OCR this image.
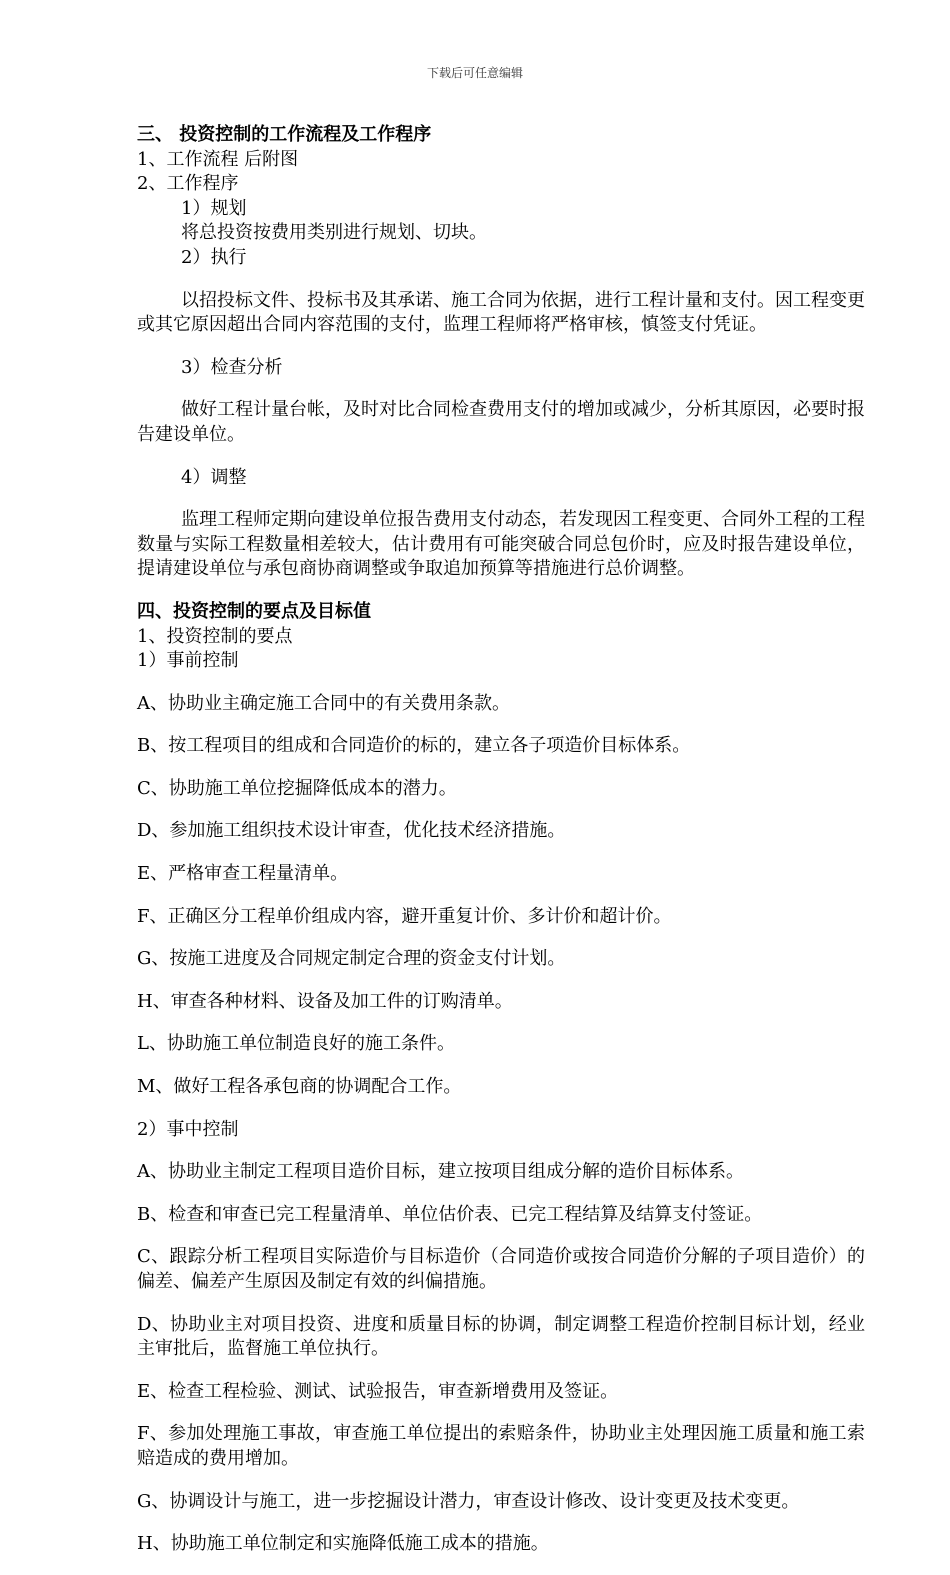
下载后可任意编辑

三、 投资控制的工作流程及工作程序

1、工作流程 后附图

2、工作程序

1）规划

将总投资按费用类别进行规划、切块。

2）执行

以招投标文件、投标书及其承诺、施工合同为依据，进行工程计量和支付。因工程变更或其它原因超出合同内容范围的支付，监理工程师将严格审核，慎签支付凭证。

3）检查分析

做好工程计量台帐，及时对比合同检查费用支付的增加或减少，分析其原因，必要时报告建设单位。

4）调整

监理工程师定期向建设单位报告费用支付动态，若发现因工程变更、合同外工程的工程数量与实际工程数量相差较大，估计费用有可能突破合同总包价时，应及时报告建设单位，提请建设单位与承包商协商调整或争取追加预算等措施进行总价调整。

四、投资控制的要点及目标值

1、投资控制的要点

1）事前控制

A、协助业主确定施工合同中的有关费用条款。

B、按工程项目的组成和合同造价的标的，建立各子项造价目标体系。

C、协助施工单位挖掘降低成本的潜力。

D、参加施工组织技术设计审查，优化技术经济措施。

E、严格审查工程量清单。

F、正确区分工程单价组成内容，避开重复计价、多计价和超计价。

G、按施工进度及合同规定制定合理的资金支付计划。

H、审查各种材料、设备及加工件的订购清单。

L、协助施工单位制造良好的施工条件。

M、做好工程各承包商的协调配合工作。

2）事中控制

A、协助业主制定工程项目造价目标，建立按项目组成分解的造价目标体系。

B、检查和审查已完工程量清单、单位估价表、已完工程结算及结算支付签证。

C、跟踪分析工程项目实际造价与目标造价（合同造价或按合同造价分解的子项目造价）的偏差、偏差产生原因及制定有效的纠偏措施。

D、协助业主对项目投资、进度和质量目标的协调，制定调整工程造价控制目标计划，经业主审批后，监督施工单位执行。

E、检查工程检验、测试、试验报告，审查新增费用及签证。

F、参加处理施工事故，审查施工单位提出的索赔条件，协助业主处理因施工质量和施工索赔造成的费用增加。

G、协调设计与施工，进一步挖掘设计潜力，审查设计修改、设计变更及技术变更。

H、协助施工单位制定和实施降低施工成本的措施。
